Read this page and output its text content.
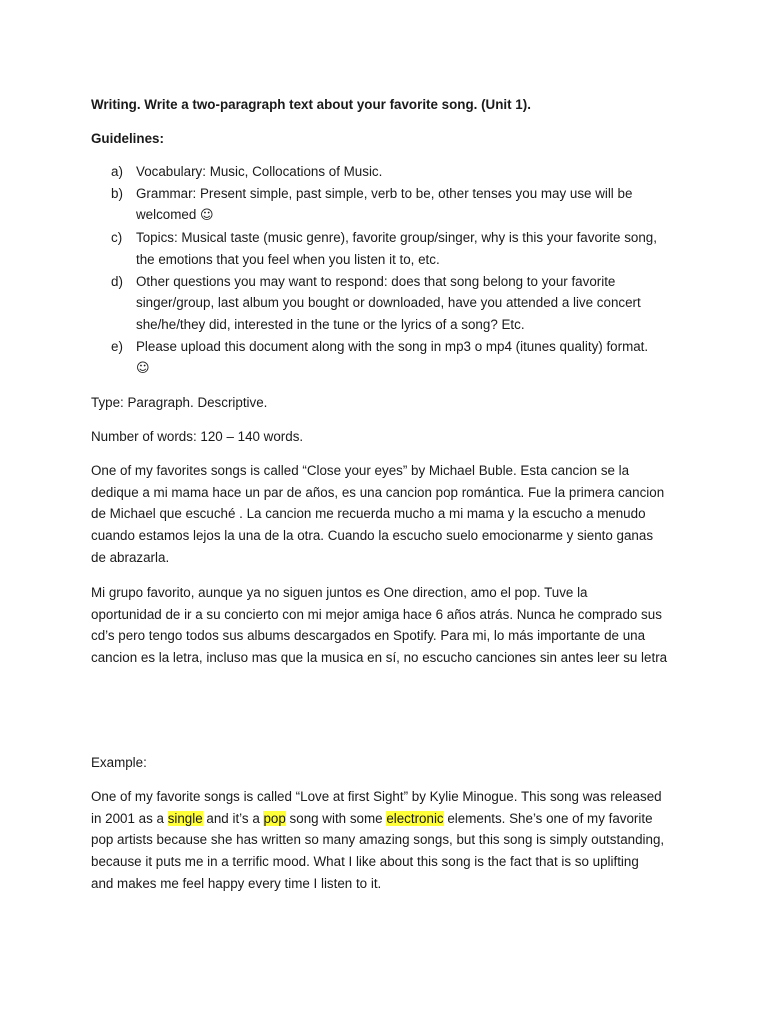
Writing. Write a two-paragraph text about your favorite song. (Unit 1).
Guidelines:
a) Vocabulary: Music, Collocations of Music.
b) Grammar: Present simple, past simple, verb to be, other tenses you may use will be
welcomed ☺
c) Topics: Musical taste (music genre), favorite group/singer, why is this your favorite song,
the emotions that you feel when you listen it to, etc.
d) Other questions you may want to respond: does that song belong to your favorite
singer/group, last album you bought or downloaded, have you attended a live concert
she/he/they did, interested in the tune or the lyrics of a song? Etc.
e) Please upload this document along with the song in mp3 o mp4 (itunes quality) format.
☺
Type: Paragraph. Descriptive.
Number of words: 120 – 140 words.
One of my favorites songs is called “Close your eyes” by Michael Buble. Esta cancion se la
dedique a mi mama hace un par de años, es una cancion pop romántica. Fue la primera cancion
de Michael que escuché . La cancion me recuerda mucho a mi mama y la escucho a menudo
cuando estamos lejos la una de la otra. Cuando la escucho suelo emocionarme y siento ganas
de abrazarla.
Mi grupo favorito, aunque ya no siguen juntos es One direction, amo el pop. Tuve la
oportunidad de ir a su concierto con mi mejor amiga hace 6 años atrás. Nunca he comprado sus
cd’s pero tengo todos sus albums descargados en Spotify. Para mi, lo más importante de una
cancion es la letra, incluso mas que la musica en sí, no escucho canciones sin antes leer su letra
Example:
One of my favorite songs is called “Love at first Sight” by Kylie Minogue. This song was released
in 2001 as a single and it’s a pop song with some electronic elements. She’s one of my favorite
pop artists because she has written so many amazing songs, but this song is simply outstanding,
because it puts me in a terrific mood. What I like about this song is the fact that is so uplifting
and makes me feel happy every time I listen to it.
